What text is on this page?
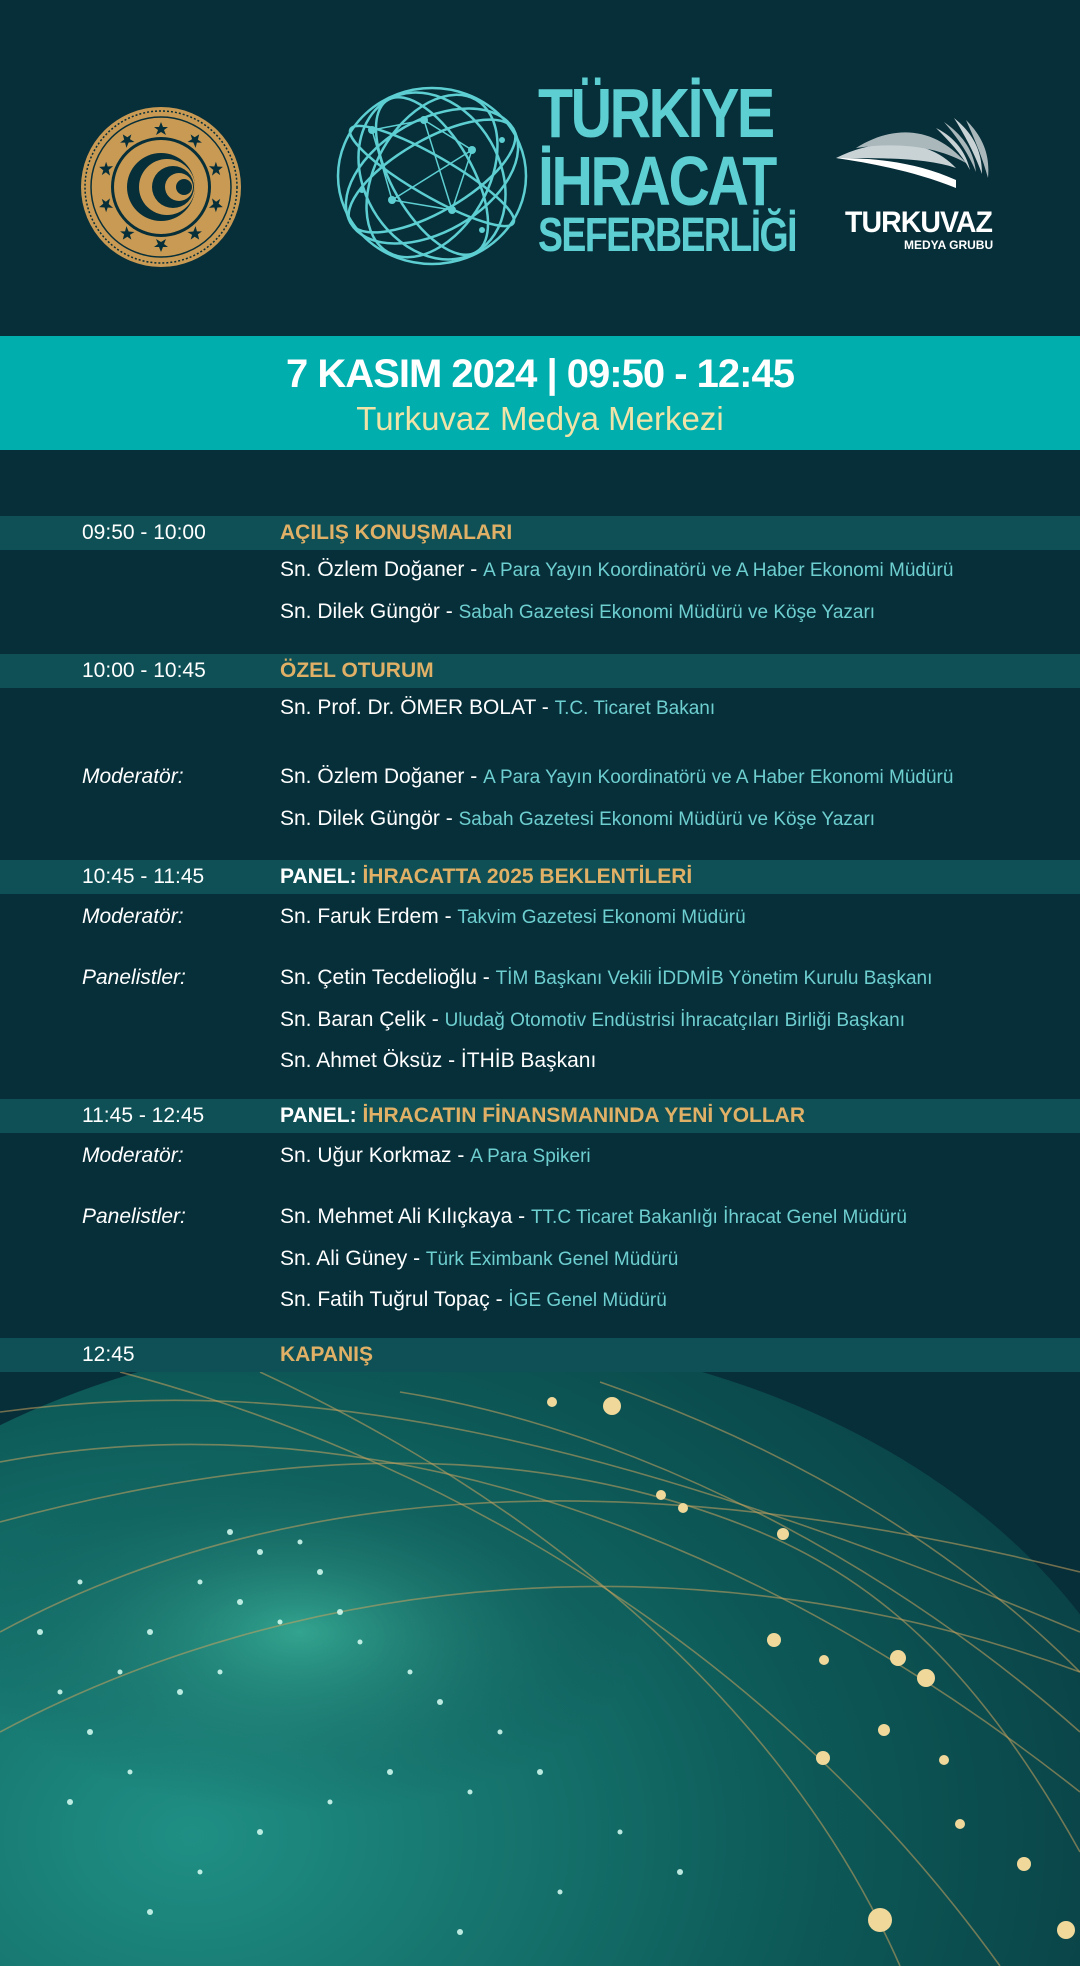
TÜRKİYE
İHRACAT
SEFERBERLİĞİ TURKUVAZ
MEDYA GRUBU
7 KASIM 2024 | 09:50 - 12:45
Turkuvaz Medya Merkezi
09:50 - 10:00	AÇILIŞ KONUŞMALARI
Sn. Özlem Doğaner - A Para Yayın Koordinatörü ve A Haber Ekonomi Müdürü
Sn. Dilek Güngör - Sabah Gazetesi Ekonomi Müdürü ve Köşe Yazarı
10:00 - 10:45	ÖZEL OTURUM
Sn. Prof. Dr. ÖMER BOLAT - T.C. Ticaret Bakanı
Moderatör:	Sn. Özlem Doğaner - A Para Yayın Koordinatörü ve A Haber Ekonomi Müdürü
Sn. Dilek Güngör - Sabah Gazetesi Ekonomi Müdürü ve Köşe Yazarı
10:45 - 11:45	PANEL: İHRACATTA 2025 BEKLENTİLERİ
Moderatör:	Sn. Faruk Erdem - Takvim Gazetesi Ekonomi Müdürü
Panelistler:	Sn. Çetin Tecdelioğlu - TİM Başkanı Vekili İDDMİB Yönetim Kurulu Başkanı
Sn. Baran Çelik - Uludağ Otomotiv Endüstrisi İhracatçıları Birliği Başkanı
Sn. Ahmet Öksüz - İTHİB Başkanı
11:45 - 12:45	PANEL: İHRACATIN FİNANSMANINDA YENİ YOLLAR
Moderatör:	Sn. Uğur Korkmaz - A Para Spikeri
Panelistler:	Sn. Mehmet Ali Kılıçkaya - TT.C Ticaret Bakanlığı İhracat Genel Müdürü
Sn. Ali Güney - Türk Eximbank Genel Müdürü
Sn. Fatih Tuğrul Topaç - İGE Genel Müdürü
12:45	KAPANIŞ
